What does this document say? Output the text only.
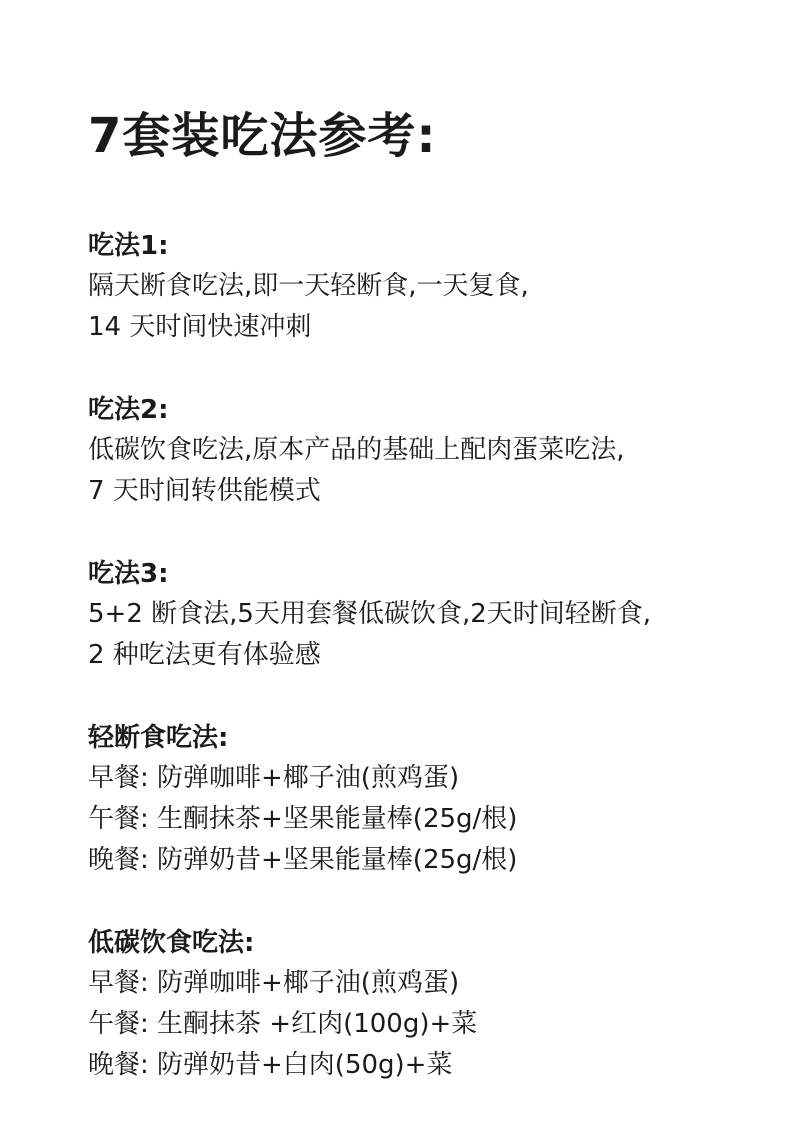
7套装吃法参考:

吃法1:

隔天断食吃法,即一天轻断食,一天复食,

14 天时间快速冲刺

吃法2:

低碳饮食吃法,原本产品的基础上配肉蛋菜吃法,

7 天时间转供能模式

吃法3:

5+2 断食法,5天用套餐低碳饮食,2天时间轻断食,

2 种吃法更有体验感

轻断食吃法:

早餐: 防弹咖啡+椰子油(煎鸡蛋)

午餐: 生酮抹茶+坚果能量棒(25g/根)

晚餐: 防弹奶昔+坚果能量棒(25g/根)

低碳饮食吃法:

早餐: 防弹咖啡+椰子油(煎鸡蛋)

午餐: 生酮抹茶 +红肉(100g)+菜

晚餐: 防弹奶昔+白肉(50g)+菜
